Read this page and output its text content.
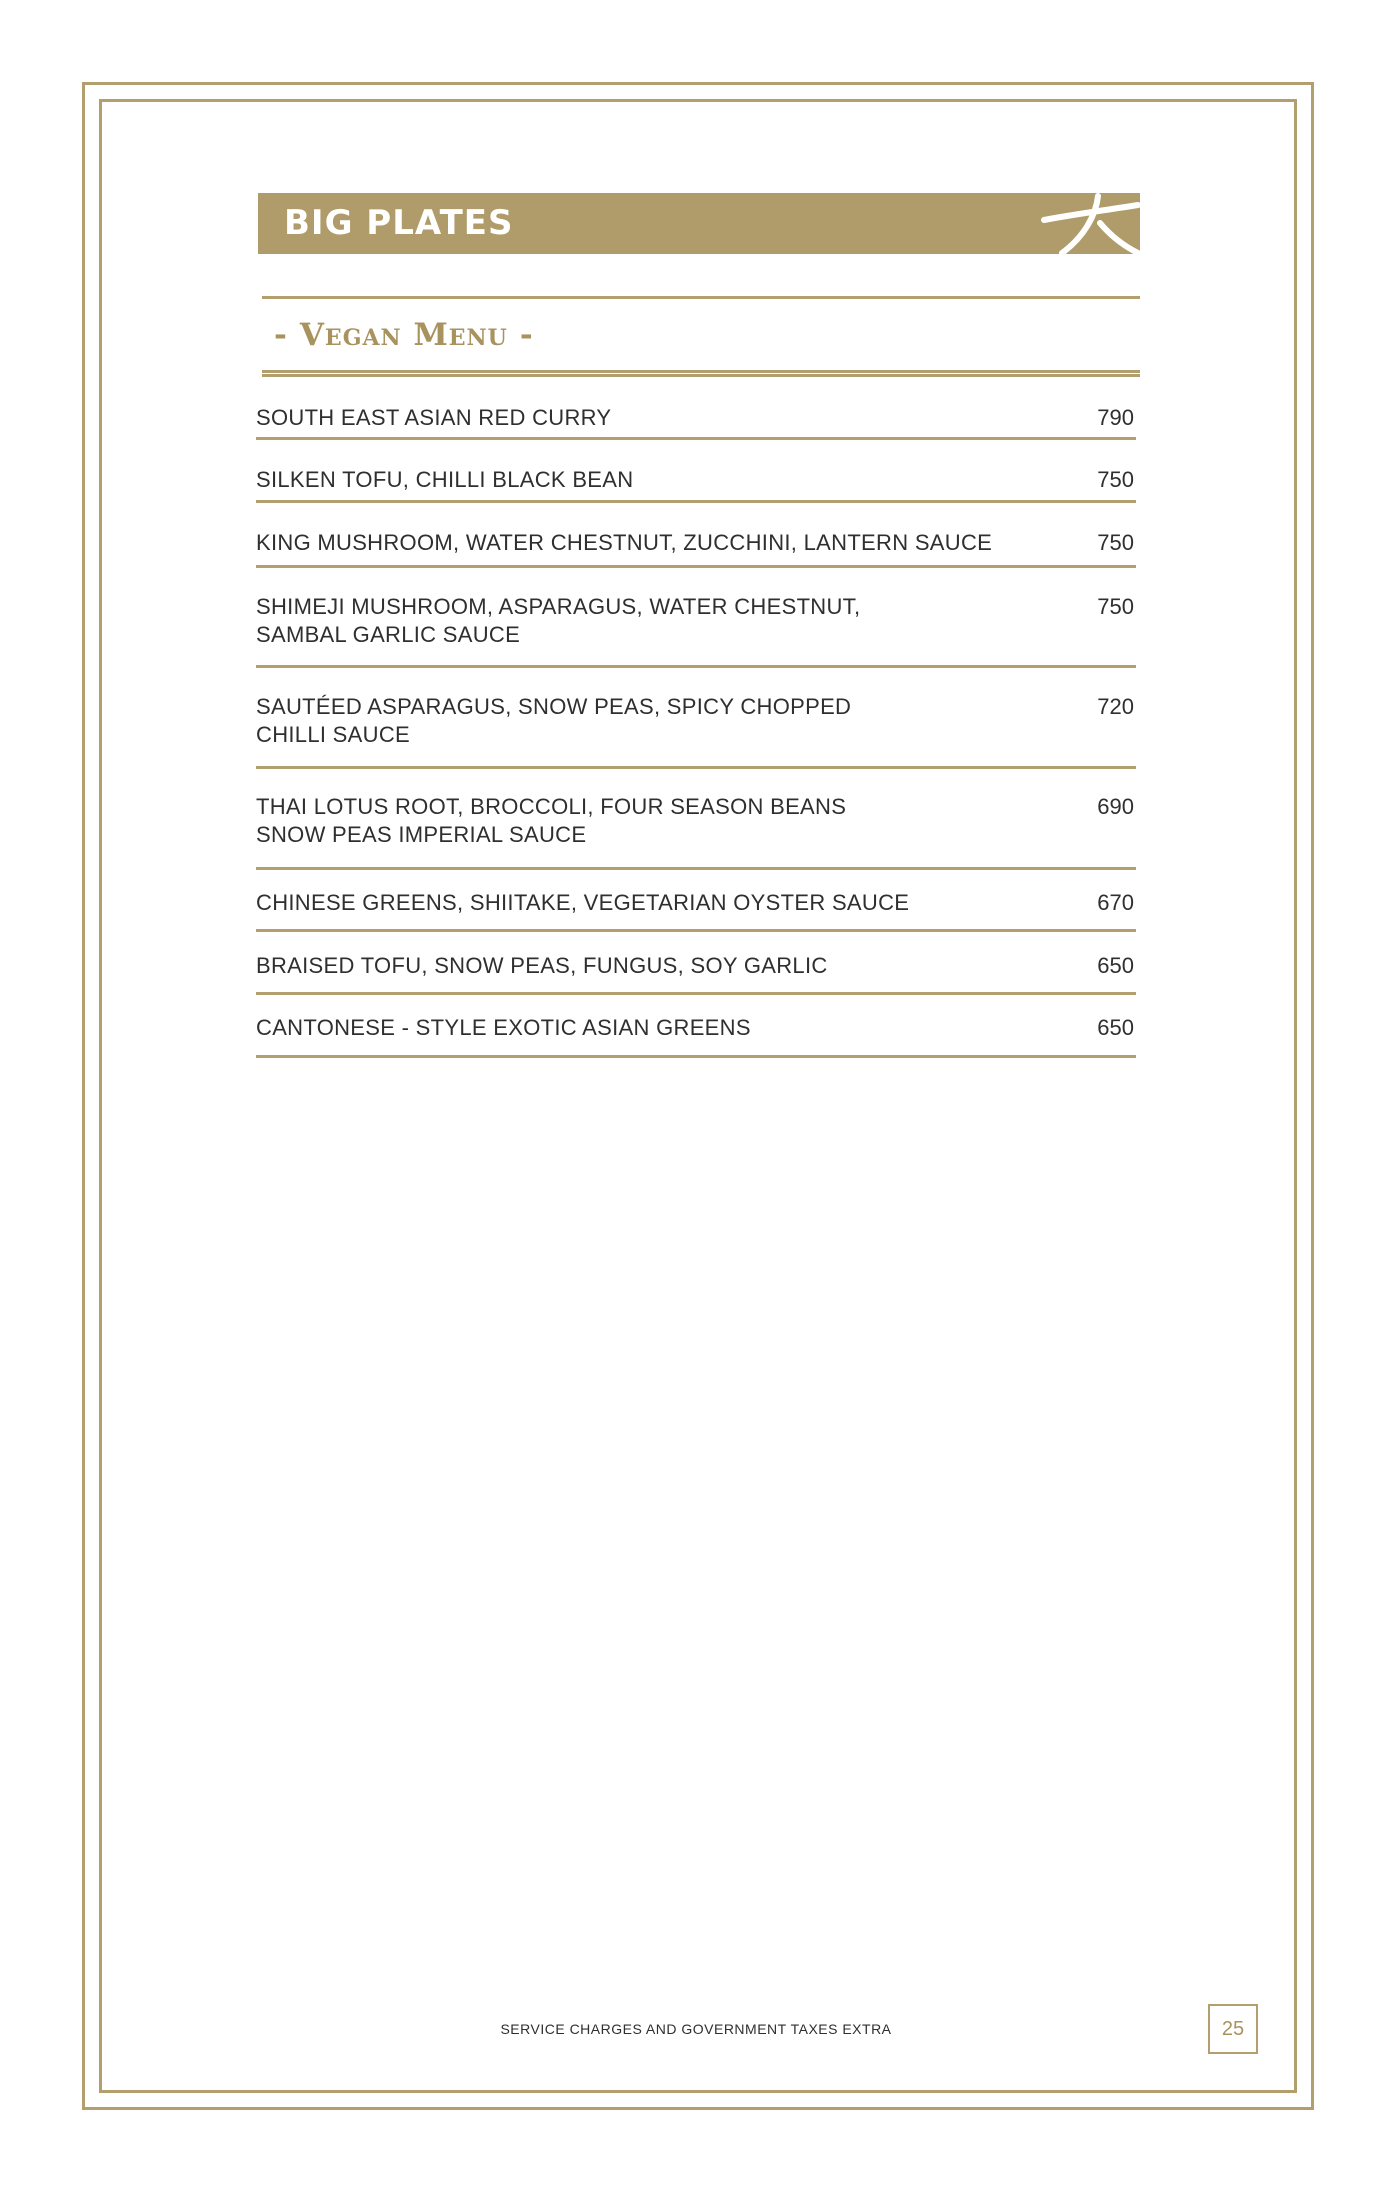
BIG PLATES
- Vegan Menu -
SOUTH EAST ASIAN RED CURRY	790
SILKEN TOFU, CHILLI BLACK BEAN	750
KING MUSHROOM, WATER CHESTNUT, ZUCCHINI, LANTERN SAUCE	750
SHIMEJI MUSHROOM, ASPARAGUS, WATER CHESTNUT,
SAMBAL GARLIC SAUCE
750
SAUTÉED ASPARAGUS, SNOW PEAS, SPICY CHOPPED
CHILLI SAUCE
720
THAI LOTUS ROOT, BROCCOLI, FOUR SEASON BEANS
SNOW PEAS IMPERIAL SAUCE
690
CHINESE GREENS, SHIITAKE, VEGETARIAN OYSTER SAUCE	670
BRAISED TOFU, SNOW PEAS, FUNGUS, SOY GARLIC	650
CANTONESE - STYLE EXOTIC ASIAN GREENS	650
SERVICE CHARGES AND GOVERNMENT TAXES EXTRA	25
